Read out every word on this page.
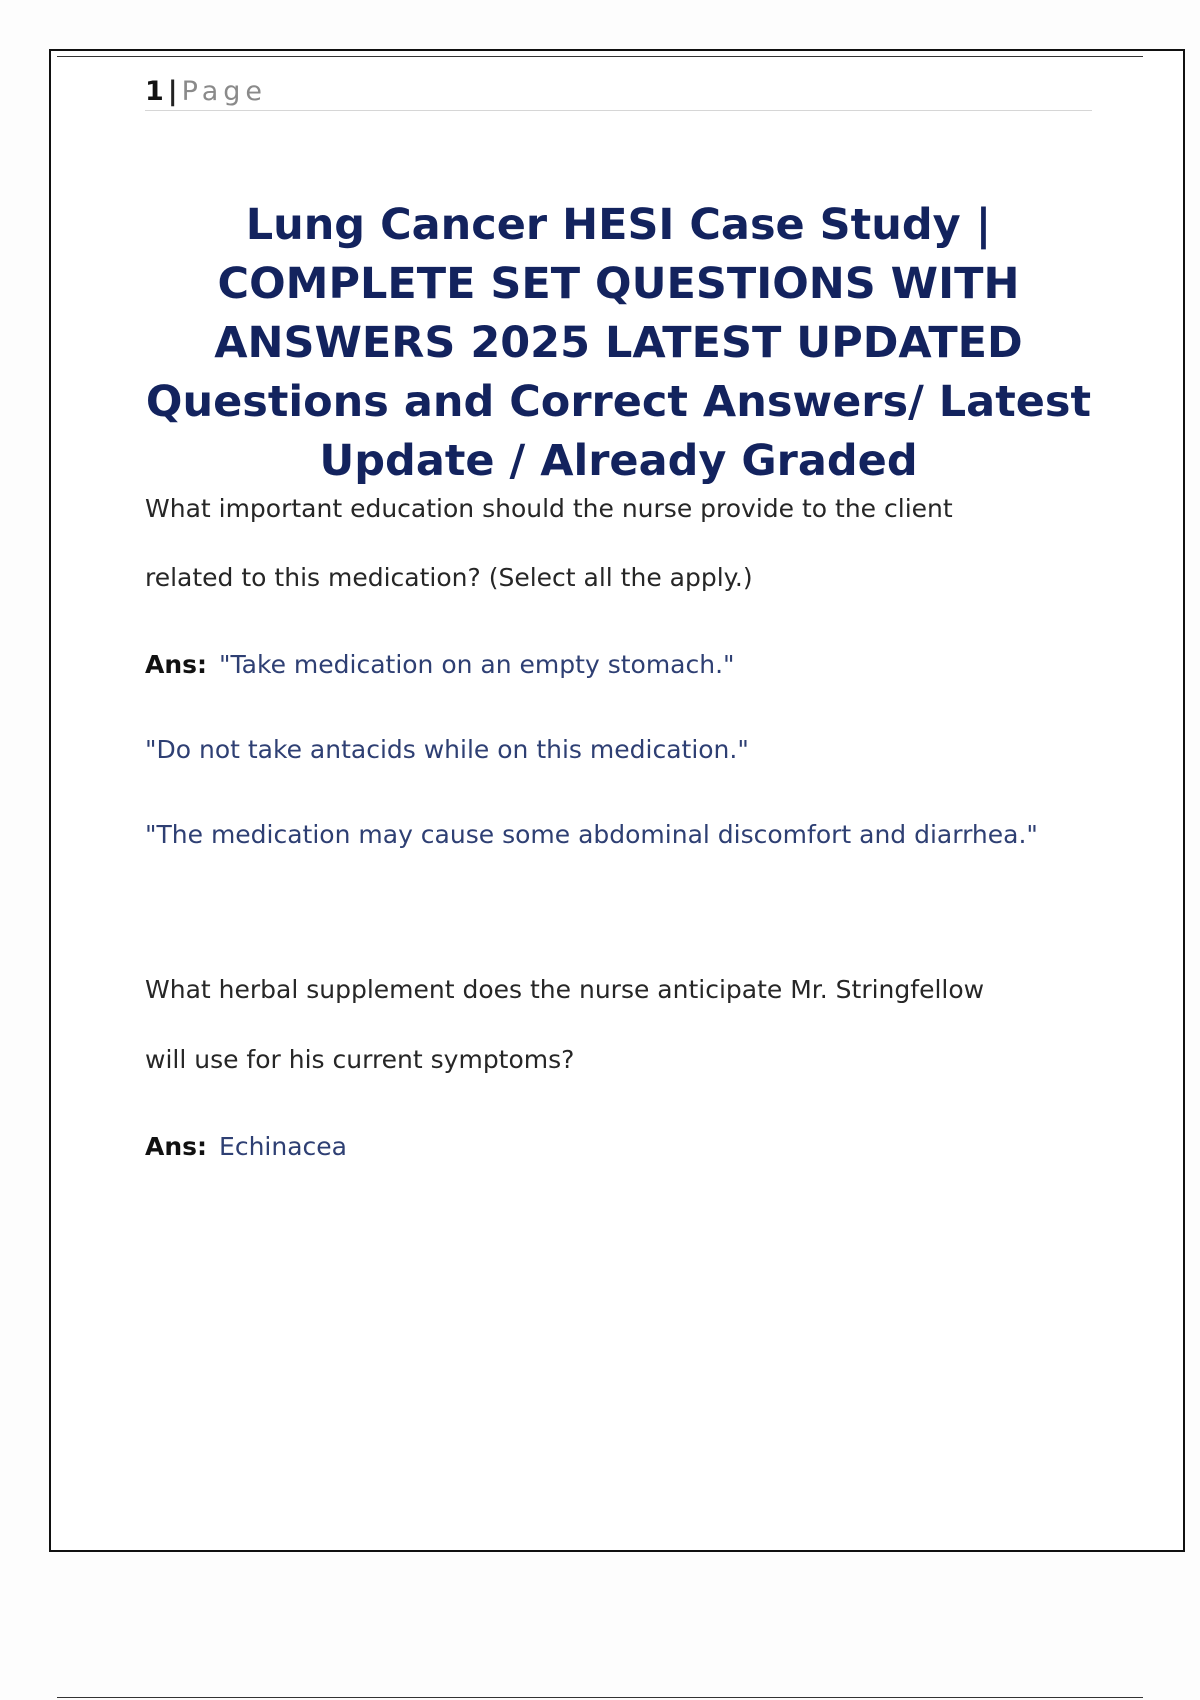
1 | Page
Lung Cancer HESI Case Study |
COMPLETE SET QUESTIONS WITH
ANSWERS 2025 LATEST UPDATED
Questions and Correct Answers/ Latest
Update / Already Graded
What important education should the nurse provide to the client
related to this medication? (Select all the apply.)
Ans: "Take medication on an empty stomach."
"Do not take antacids while on this medication."
"The medication may cause some abdominal discomfort and diarrhea."
What herbal supplement does the nurse anticipate Mr. Stringfellow
will use for his current symptoms?
Ans: Echinacea
